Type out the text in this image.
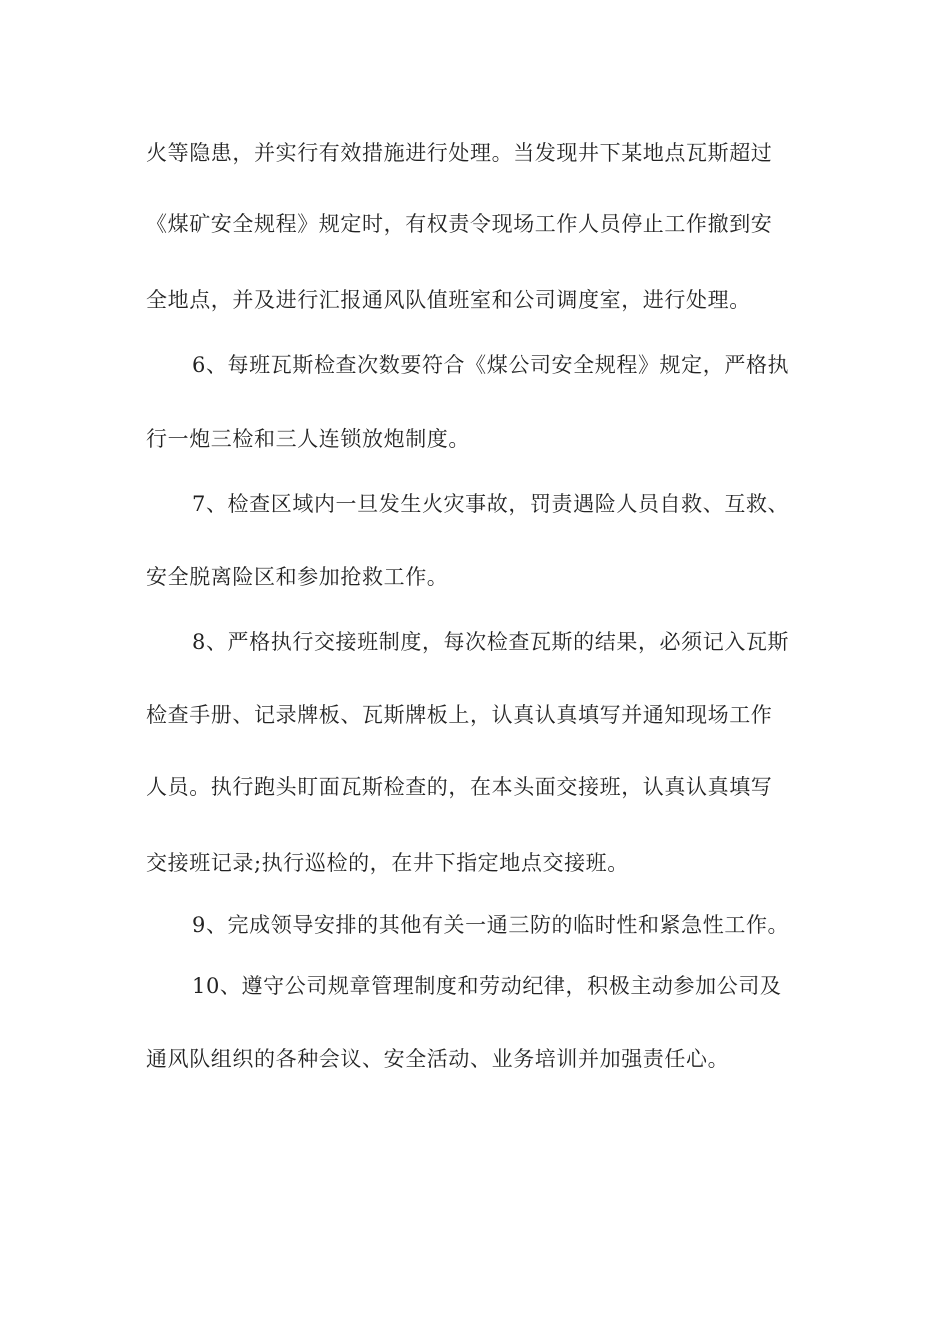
火等隐患，并实行有效措施进行处理。当发现井下某地点瓦斯超过
《煤矿安全规程》规定时，有权责令现场工作人员停止工作撤到安
全地点，并及进行汇报通风队值班室和公司调度室，进行处理。
6、每班瓦斯检查次数要符合《煤公司安全规程》规定，严格执
行一炮三检和三人连锁放炮制度。
7、检查区域内一旦发生火灾事故，罚责遇险人员自救、互救、
安全脱离险区和参加抢救工作。
8、严格执行交接班制度，每次检查瓦斯的结果，必须记入瓦斯
检查手册、记录牌板、瓦斯牌板上，认真认真填写并通知现场工作
人员。执行跑头盯面瓦斯检查的，在本头面交接班，认真认真填写
交接班记录;执行巡检的，在井下指定地点交接班。
9、完成领导安排的其他有关一通三防的临时性和紧急性工作。
10、遵守公司规章管理制度和劳动纪律，积极主动参加公司及
通风队组织的各种会议、安全活动、业务培训并加强责任心。
